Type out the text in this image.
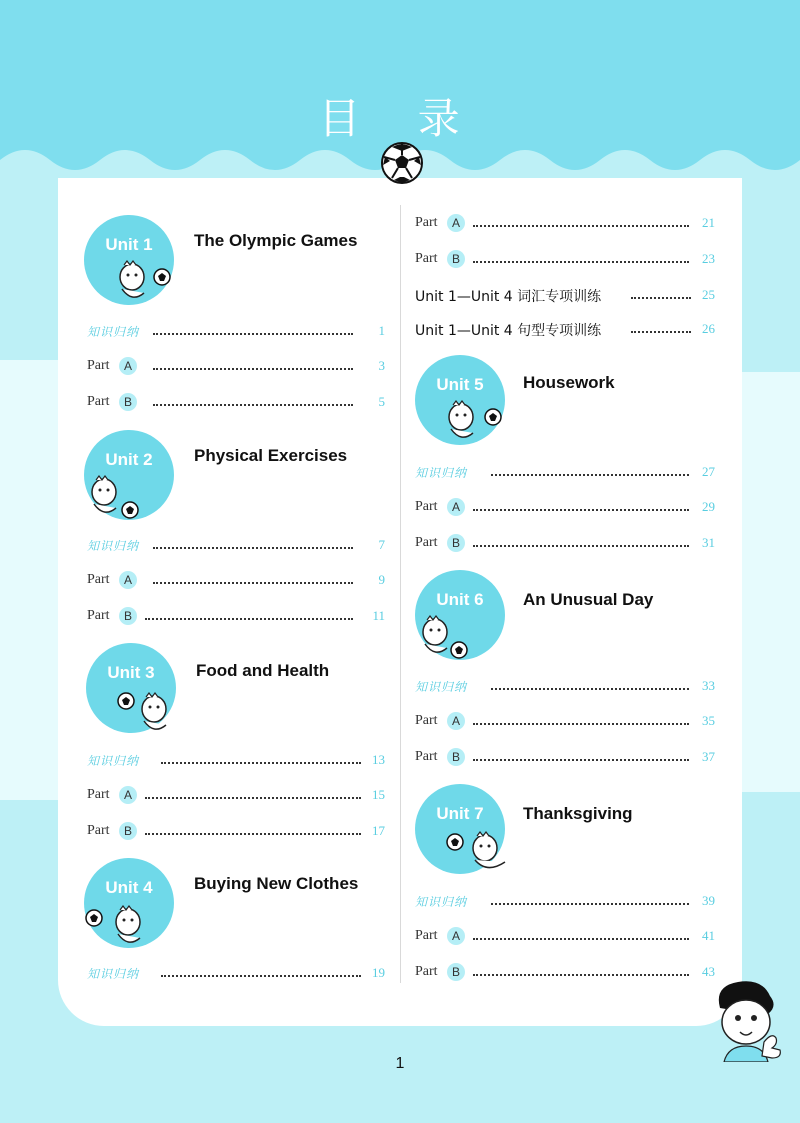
目 录
Unit 1	The Olympic Games
知识归纳	1
Part	A	3
Part	B	5
Unit 2	Physical Exercises
知识归纳	7
Part	A	9
Part	B	11
Unit 3	Food and Health
知识归纳	13
Part	A	15
Part	B	17
Unit 4	Buying New Clothes
知识归纳	19
Part	A	21
Part	B	23
Unit 1—Unit 4 词汇专项训练	25
Unit 1—Unit 4 句型专项训练	26
Unit 5	Housework
知识归纳	27
Part	A	29
Part	B	31
Unit 6	An Unusual Day
知识归纳	33
Part	A	35
Part	B	37
Unit 7	Thanksgiving
知识归纳	39
Part	A	41
Part	B	43
1
